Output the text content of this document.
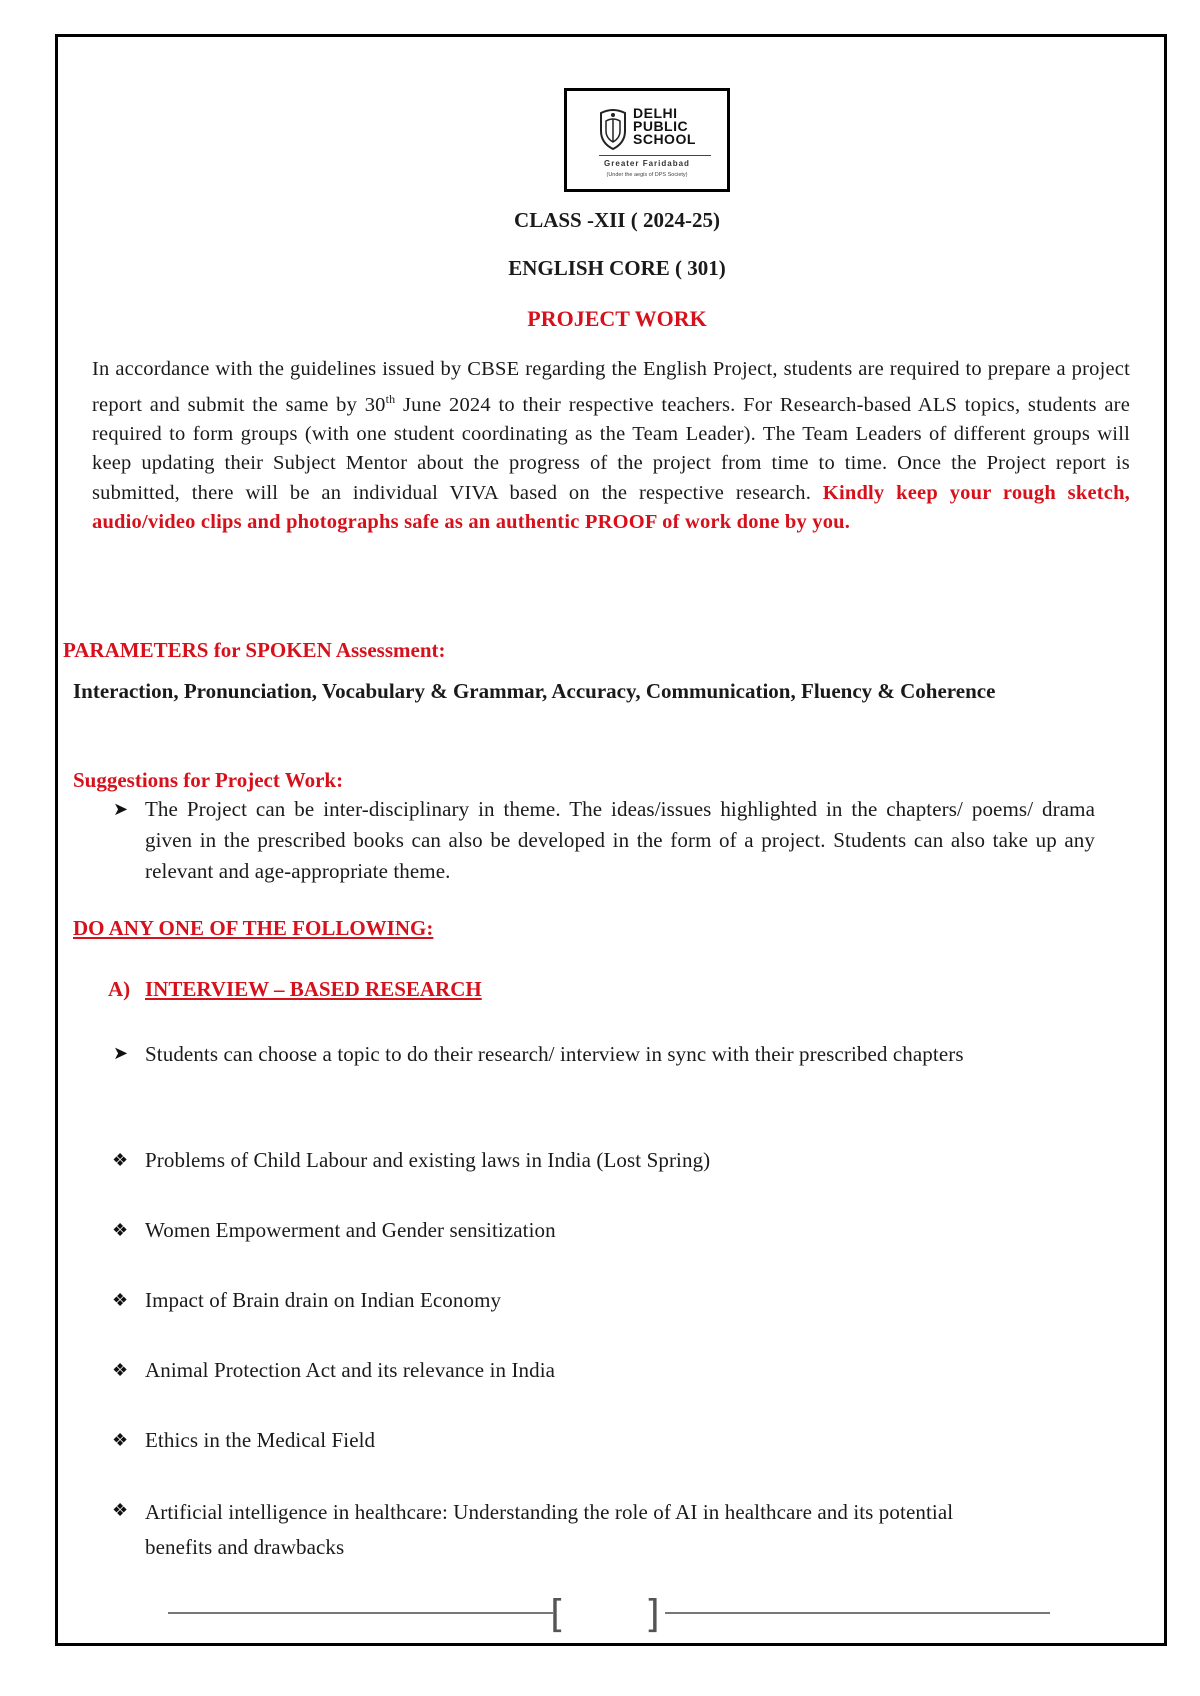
DELHI
PUBLIC
SCHOOL
Greater Faridabad
(Under the aegis of DPS Society)
CLASS -XII ( 2024-25)
ENGLISH CORE ( 301)
PROJECT WORK
In accordance with the guidelines issued by CBSE regarding the English Project, students are required to prepare a project report and submit the same by 30th June 2024 to their respective teachers. For Research-based ALS topics, students are required to form groups (with one student coordinating as the Team Leader). The Team Leaders of different groups will keep updating their Subject Mentor about the progress of the project from time to time. Once the Project report is submitted, there will be an individual VIVA based on the respective research. Kindly keep your rough sketch, audio/video clips and photographs safe as an authentic PROOF of work done by you.
PARAMETERS for SPOKEN Assessment:
Interaction, Pronunciation, Vocabulary & Grammar, Accuracy, Communication, Fluency & Coherence
Suggestions for Project Work:
➤ The Project can be inter-disciplinary in theme. The ideas/issues highlighted in the chapters/ poems/ drama given in the prescribed books can also be developed in the form of a project. Students can also take up any relevant and age-appropriate theme.
DO ANY ONE OF THE FOLLOWING:
A) INTERVIEW – BASED RESEARCH
➤ Students can choose a topic to do their research/ interview in sync with their prescribed chapters
❖ Problems of Child Labour and existing laws in India (Lost Spring)
❖ Women Empowerment and Gender sensitization
❖ Impact of Brain drain on Indian Economy
❖ Animal Protection Act and its relevance in India
❖ Ethics in the Medical Field
❖ Artificial intelligence in healthcare: Understanding the role of AI in healthcare and its potential benefits and drawbacks
[ ]
